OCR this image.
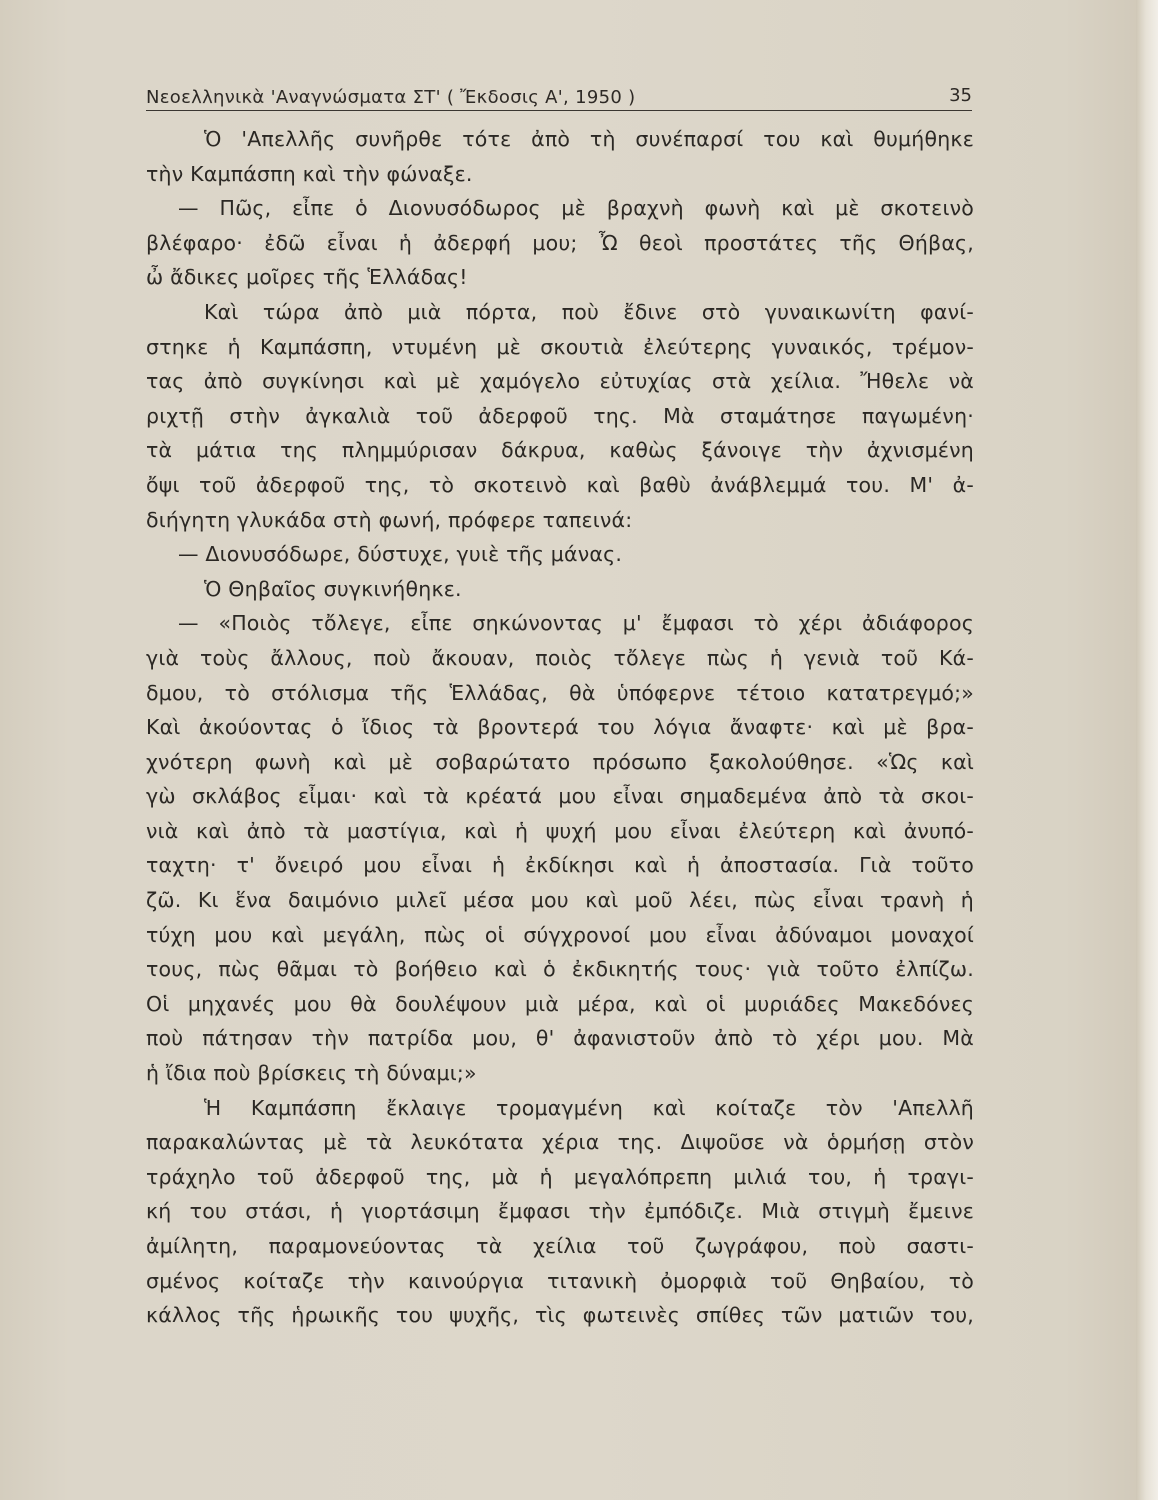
Νεοελληνικὰ 'Αναγνώσματα ΣΤ' ( Ἔκδοσις Α', 1950 )	35
Ὁ 'Απελλῆς συνῆρθε τότε ἀπὸ τὴ συνέπαρσί του καὶ θυμήθηκε
τὴν Καμπάσπη καὶ τὴν φώναξε.
— Πῶς, εἶπε ὁ Διονυσόδωρος μὲ βραχνὴ φωνὴ καὶ μὲ σκοτεινὸ
βλέφαρο· ἐδῶ εἶναι ἡ ἀδερφή μου; Ὦ θεοὶ προστάτες τῆς Θήβας,
ὦ ἄδικες μοῖρες τῆς Ἑλλάδας!
Καὶ τώρα ἀπὸ μιὰ πόρτα, ποὺ ἔδινε στὸ γυναικωνίτη φανί-
στηκε ἡ Καμπάσπη, ντυμένη μὲ σκουτιὰ ἐλεύτερης γυναικός, τρέμον-
τας ἀπὸ συγκίνησι καὶ μὲ χαμόγελο εὐτυχίας στὰ χείλια. Ἤθελε νὰ
ριχτῇ στὴν ἀγκαλιὰ τοῦ ἀδερφοῦ της. Μὰ σταμάτησε παγωμένη·
τὰ μάτια της πλημμύρισαν δάκρυα, καθὼς ξάνοιγε τὴν ἀχνισμένη
ὄψι τοῦ ἀδερφοῦ της, τὸ σκοτεινὸ καὶ βαθὺ ἀνάβλεμμά του. Μ' ἀ-
διήγητη γλυκάδα στὴ φωνή, πρόφερε ταπεινά:
— Διονυσόδωρε, δύστυχε, γυιὲ τῆς μάνας.
Ὁ Θηβαῖος συγκινήθηκε.
— «Ποιὸς τὄλεγε, εἶπε σηκώνοντας μ' ἔμφασι τὸ χέρι ἀδιάφορος
γιὰ τοὺς ἄλλους, ποὺ ἄκουαν, ποιὸς τὄλεγε πὼς ἡ γενιὰ τοῦ Κά-
δμου, τὸ στόλισμα τῆς Ἑλλάδας, θὰ ὑπόφερνε τέτοιο κατατρεγμό;»
Καὶ ἀκούοντας ὁ ἴδιος τὰ βροντερά του λόγια ἄναφτε· καὶ μὲ βρα-
χνότερη φωνὴ καὶ μὲ σοβαρώτατο πρόσωπο ξακολούθησε. «Ὡς καὶ
γὼ σκλάβος εἶμαι· καὶ τὰ κρέατά μου εἶναι σημαδεμένα ἀπὸ τὰ σκοι-
νιὰ καὶ ἀπὸ τὰ μαστίγια, καὶ ἡ ψυχή μου εἶναι ἐλεύτερη καὶ ἀνυπό-
ταχτη· τ' ὄνειρό μου εἶναι ἡ ἐκδίκησι καὶ ἡ ἀποστασία. Γιὰ τοῦτο
ζῶ. Κι ἕνα δαιμόνιο μιλεῖ μέσα μου καὶ μοῦ λέει, πὼς εἶναι τρανὴ ἡ
τύχη μου καὶ μεγάλη, πὼς οἱ σύγχρονοί μου εἶναι ἀδύναμοι μοναχοί
τους, πὼς θᾶμαι τὸ βοήθειο καὶ ὁ ἐκδικητής τους· γιὰ τοῦτο ἐλπίζω.
Οἱ μηχανές μου θὰ δουλέψουν μιὰ μέρα, καὶ οἱ μυριάδες Μακεδόνες
ποὺ πάτησαν τὴν πατρίδα μου, θ' ἀφανιστοῦν ἀπὸ τὸ χέρι μου. Μὰ
ἡ ἴδια ποὺ βρίσκεις τὴ δύναμι;»
Ἡ Καμπάσπη ἔκλαιγε τρομαγμένη καὶ κοίταζε τὸν 'Απελλῆ
παρακαλώντας μὲ τὰ λευκότατα χέρια της. Διψοῦσε νὰ ὁρμήσῃ στὸν
τράχηλο τοῦ ἀδερφοῦ της, μὰ ἡ μεγαλόπρεπη μιλιά του, ἡ τραγι-
κή του στάσι, ἡ γιορτάσιμη ἔμφασι τὴν ἐμπόδιζε. Μιὰ στιγμὴ ἔμεινε
ἀμίλητη, παραμονεύοντας τὰ χείλια τοῦ ζωγράφου, ποὺ σαστι-
σμένος κοίταζε τὴν καινούργια τιτανικὴ ὀμορφιὰ τοῦ Θηβαίου, τὸ
κάλλος τῆς ἡρωικῆς του ψυχῆς, τὶς φωτεινὲς σπίθες τῶν ματιῶν του,
